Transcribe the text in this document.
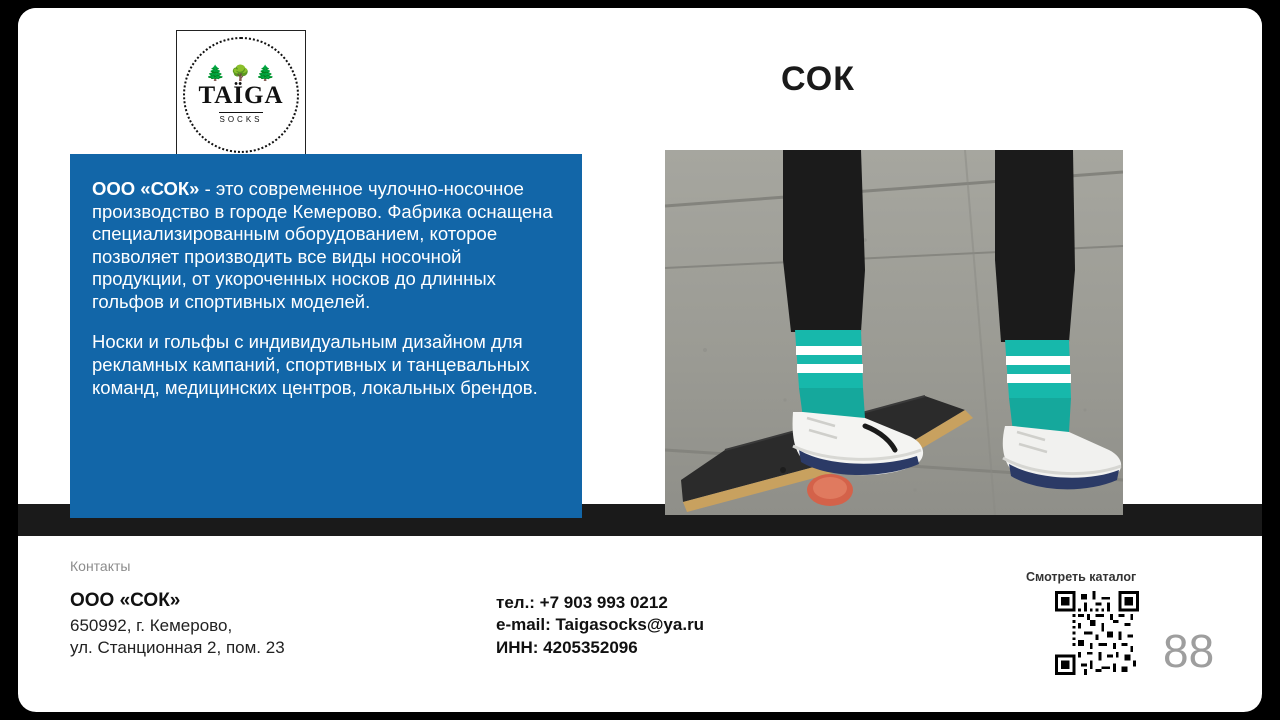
🌲 🌳 🌲
TAÏGA
SOCKS
СОК

ООО «СОК» - это современное чулочно-носочное производство в городе Кемерово. Фабрика оснащена специализированным оборудованием, которое позволяет производить все виды носочной продукции, от укороченных носков до длинных гольфов и спортивных моделей.

Носки и гольфы с индивидуальным дизайном для рекламных кампаний, спортивных и танцевальных команд, медицинских центров, локальных брендов.

Контакты
ООО «СОК»
650992, г. Кемерово,
ул. Станционная 2, пом. 23
тел.: +7 903 993 0212
e-mail: Taigasocks@ya.ru
ИНН: 4205352096
Смотреть каталог
88
